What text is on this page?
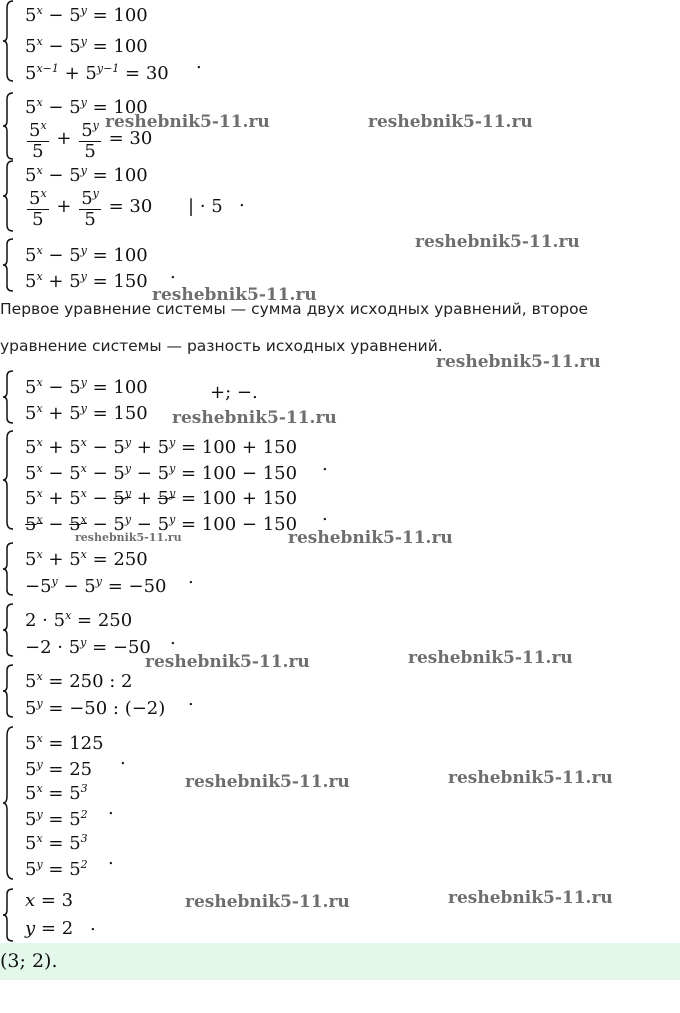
$5^x - 5^y = 100$
$5^x - 5^y = 100$
$5^{x-1} + 5^{y-1} = 30$
.
$5^x - 5^y = 100$
$\frac{5^x}{5} + \frac{5^y}{5} = 30$
$5^x - 5^y = 100$
$\frac{5^x}{5} + \frac{5^y}{5} = 30$ | · 5 .
$5^x - 5^y = 100$
$5^x + 5^y = 150$ .
Первое уравнение системы — сумма двух исходных уравнений, второе
уравнение системы — разность исходных уравнений.
$5^x - 5^y = 100$
$5^x + 5^y = 150$
+; −.
$5^x + 5^x - 5^y + 5^y = 100 + 150$
$5^x - 5^x - 5^y - 5^y = 100 - 150$
$5^x + 5^x - 5^y + 5^y = 100 + 150$
$5^x - 5^x - 5^y - 5^y = 100 - 150$
.
.
$5^x + 5^x = 250$
$-5^y - 5^y = -50$ .
$2 \cdot 5^x = 250$
$-2 \cdot 5^y = -50$ .
$5^x = 250$ : 2
$5^y = -50$ : (−2) .
$5^x = 125$
$5^y = 25$
$5^x = 5^3$
$5^y = 5^2$
$5^x = 5^3$
$5^y = 5^2$
.
.
.
x = 3
y = 2 .
(3; 2).
reshebnik5-11.ru	reshebnik5-11.ru
reshebnik5-11.ru
reshebnik5-11.ru
reshebnik5-11.ru
reshebnik5-11.ru
reshebnik5-11.ru	reshebnik5-11.ru
reshebnik5-11.ru	reshebnik5-11.ru
reshebnik5-11.ru	reshebnik5-11.ru
reshebnik5-11.ru	reshebnik5-11.ru
